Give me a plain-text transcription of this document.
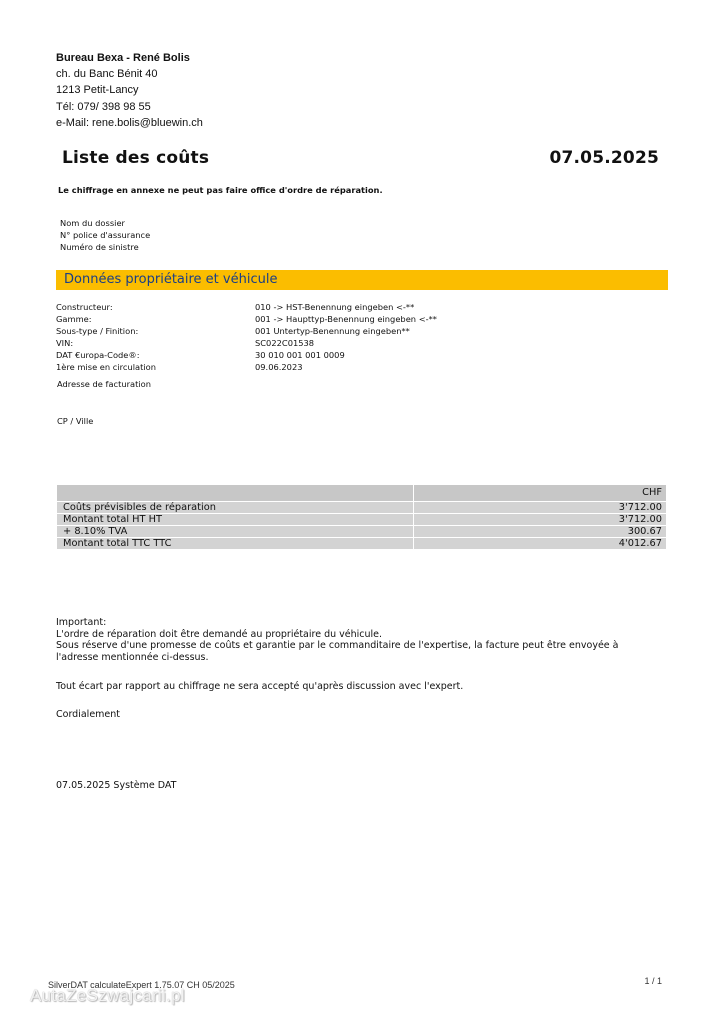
Bureau Bexa - René Bolis
ch. du Banc Bénit 40
1213 Petit-Lancy
Tél: 079/ 398 98 55
e-Mail: rene.bolis@bluewin.ch
Liste des coûts	07.05.2025
Le chiffrage en annexe ne peut pas faire office d'ordre de réparation.
Nom du dossier
N° police d'assurance
Numéro de sinistre
Données propriétaire et véhicule
Constructeur:	010 -> HST-Benennung eingeben <-**
Gamme:	001 -> Haupttyp-Benennung eingeben <-**
Sous-type / Finition:	001 Untertyp-Benennung eingeben**
VIN:	SC022C01538
DAT €uropa-Code®:	30 010 001 001 0009
1ère mise en circulation	09.06.2023
Adresse de facturation
CP / Ville
	CHF
Coûts prévisibles de réparation	3'712.00
Montant total HT HT	3'712.00
+ 8.10% TVA	300.67
Montant total TTC TTC	4'012.67
Important:
L'ordre de réparation doit être demandé au propriétaire du véhicule.
Sous réserve d'une promesse de coûts et garantie par le commanditaire de l'expertise, la facture peut être envoyée à l'adresse mentionnée ci-dessus.
Tout écart par rapport au chiffrage ne sera accepté qu'après discussion avec l'expert.
Cordialement
07.05.2025 Système DAT
SilverDAT calculateExpert 1.75.07 CH 05/2025	1 / 1
AutaZeSzwajcarii.pl
